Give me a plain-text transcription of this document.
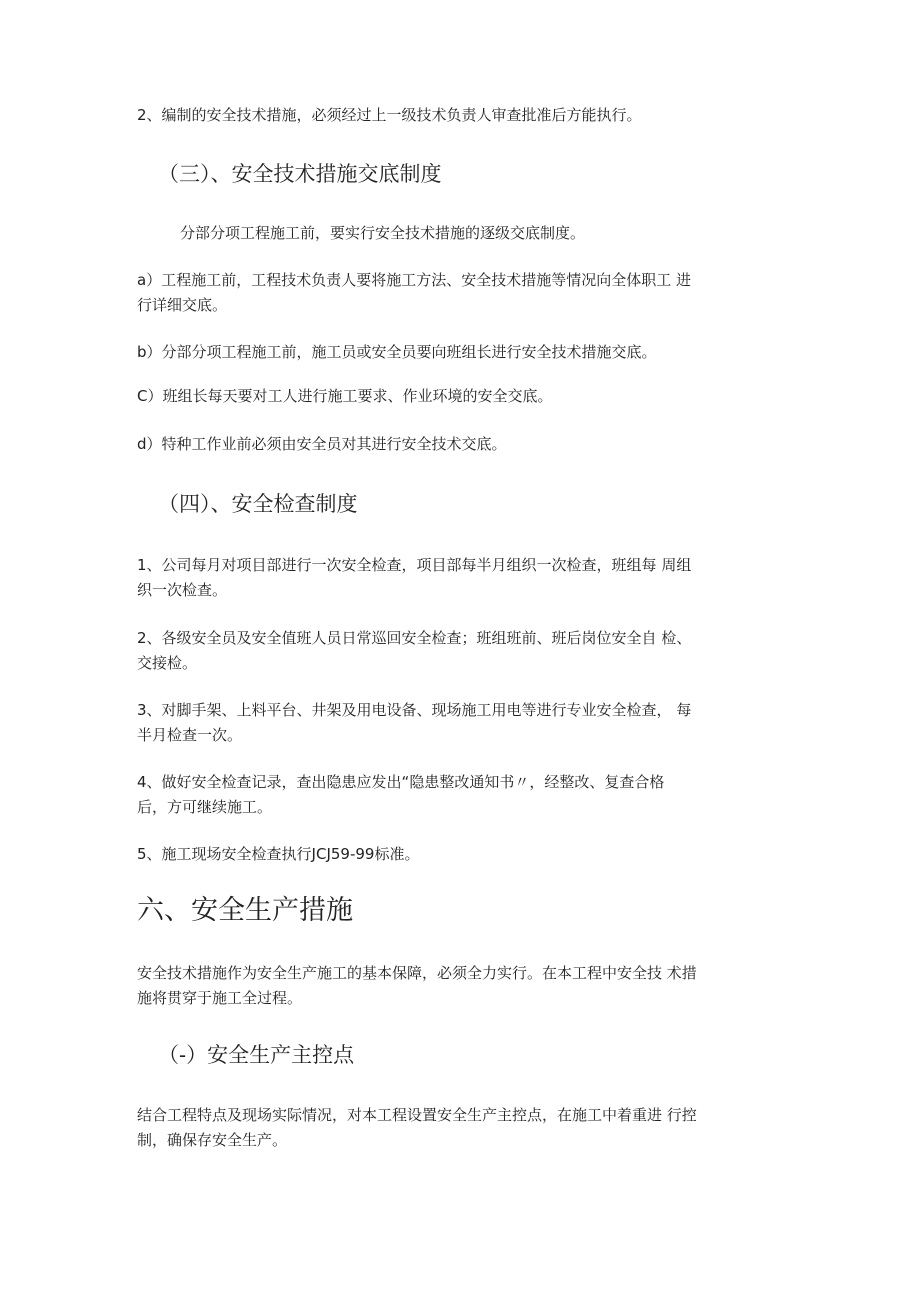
2、编制的安全技术措施，必须经过上一级技术负责人审查批准后方能执行。

（三）、安全技术措施交底制度

分部分项工程施工前，要实行安全技术措施的逐级交底制度。

a）工程施工前，工程技术负责人要将施工方法、安全技术措施等情况向全体职工 进

行详细交底。

b）分部分项工程施工前，施工员或安全员要向班组长进行安全技术措施交底。

C）班组长每天要对工人进行施工要求、作业环境的安全交底。

d）特种工作业前必须由安全员对其进行安全技术交底。

（四）、安全检查制度

1、公司每月对项目部进行一次安全检查，项目部每半月组织一次检查，班组每 周组

织一次检查。

2、各级安全员及安全值班人员日常巡回安全检查；班组班前、班后岗位安全自 检、

交接检。

3、对脚手架、上料平台、井架及用电设备、现场施工用电等进行专业安全检查， 每

半月检查一次。

4、做好安全检查记录，查出隐患应发出“隐患整改通知书〃，经整改、复查合格

后，方可继续施工。

5、施工现场安全检查执行JCJ59-99标准。

六、安全生产措施

安全技术措施作为安全生产施工的基本保障，必须全力实行。在本工程中安全技 术措

施将贯穿于施工全过程。

（-）安全生产主控点

结合工程特点及现场实际情况，对本工程设置安全生产主控点，在施工中着重进 行控

制，确保存安全生产。
